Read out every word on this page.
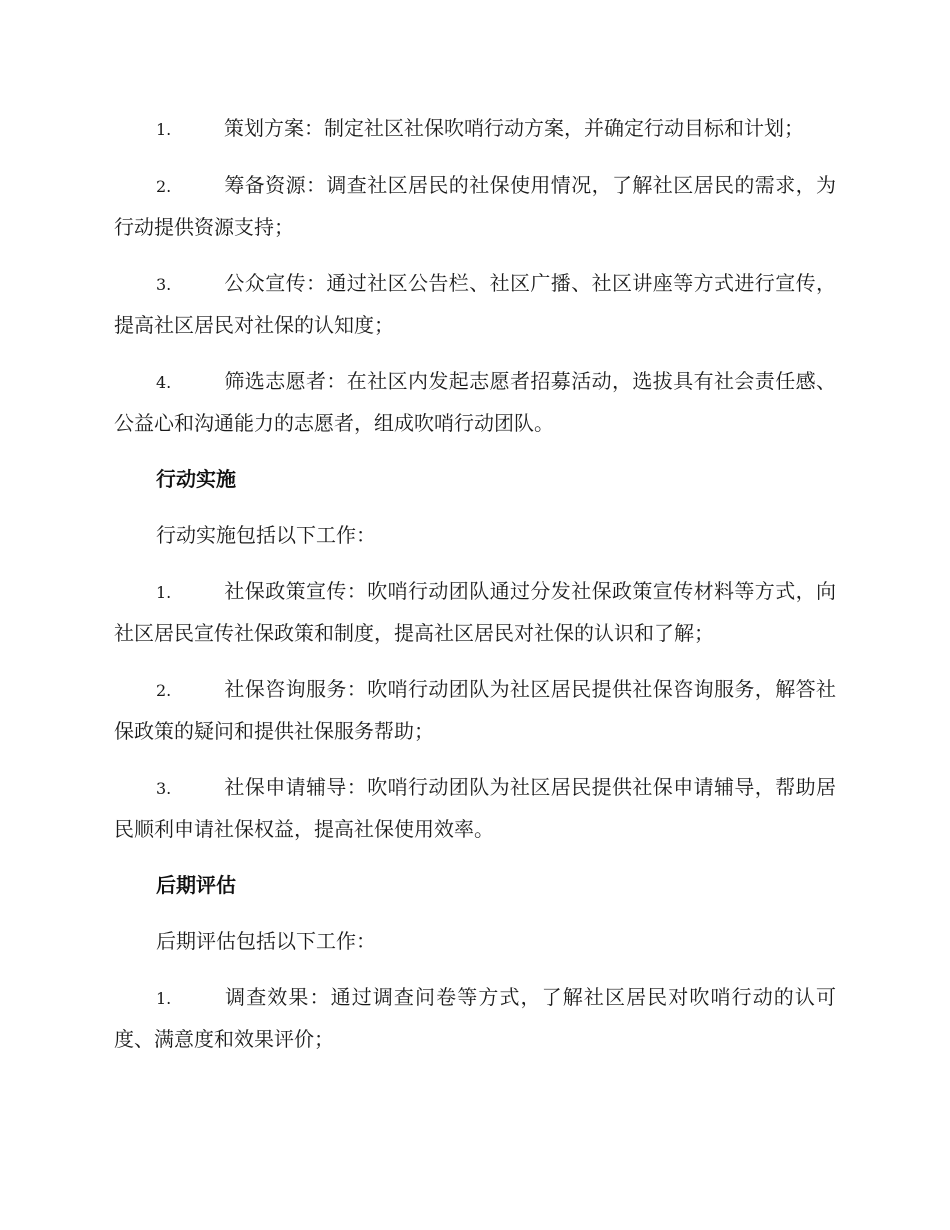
1.	策划方案：制定社区社保吹哨行动方案，并确定行动目标和计划；

2.	筹备资源：调查社区居民的社保使用情况，了解社区居民的需求，为行动提供资源支持；

3.	公众宣传：通过社区公告栏、社区广播、社区讲座等方式进行宣传，提高社区居民对社保的认知度；

4.	筛选志愿者：在社区内发起志愿者招募活动，选拔具有社会责任感、公益心和沟通能力的志愿者，组成吹哨行动团队。

行动实施
行动实施包括以下工作：

1.	社保政策宣传：吹哨行动团队通过分发社保政策宣传材料等方式，向社区居民宣传社保政策和制度，提高社区居民对社保的认识和了解；

2.	社保咨询服务：吹哨行动团队为社区居民提供社保咨询服务，解答社保政策的疑问和提供社保服务帮助；

3.	社保申请辅导：吹哨行动团队为社区居民提供社保申请辅导，帮助居民顺利申请社保权益，提高社保使用效率。

后期评估
后期评估包括以下工作：

1.	调查效果：通过调查问卷等方式，了解社区居民对吹哨行动的认可度、满意度和效果评价；
